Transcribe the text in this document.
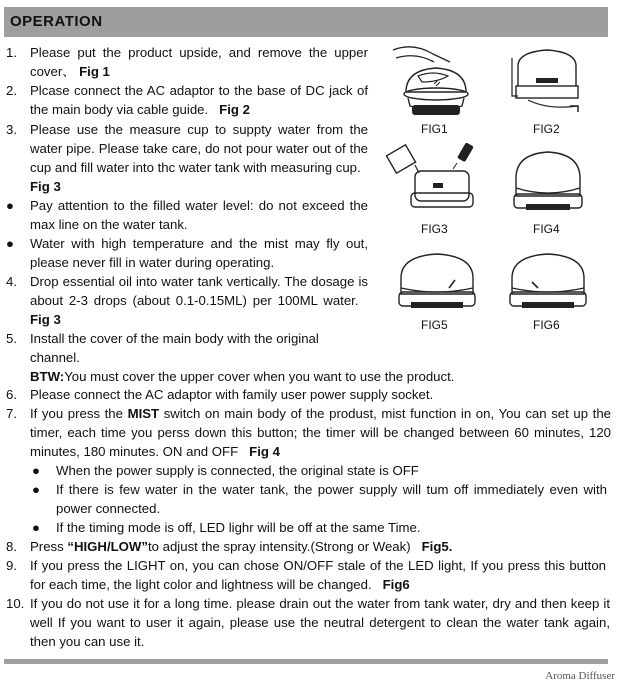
OPERATION
1. Please put the product upside, and remove the upper cover、 Fig 1
2. Plcase connect the AC adaptor to the base of DC jack of the main body via cable guide. Fig 2
3. Please use the measure cup to suppty water from the water pipe. Please take care, do not pour water out of the cup and fill water into thc water tank with measuring cup.   Fig 3
● Pay attention to the filled water level: do not exceed the max line on the water tank.
● Water with high temperature and the mist may fly out, please never fill in water during operating.
4. Drop essential oil into water tank vertically. The dosage is about 2-3 drops (about 0.1-0.15ML) per 100ML water.   Fig 3
5. Install the cover of the main body with the original channel.
BTW:You must cover the upper cover when you want to use the product.
6. Please connect the AC adaptor with family user power supply socket.
7. If you press the MIST switch on main body of the produst, mist function in on, You can set up the timer, each time you perss down this button; the timer will be changed between 60 minutes, 120 minutes, 180 minutes. ON and OFF Fig 4
● When the power supply is connected, the original state is OFF
● If there is few water in the water tank, the power supply will tum off immediately even with power connected.
● If the timing mode is off, LED lighr will be off at the same Time.
8. Press “HIGH/LOW”to adjust the spray intensity.(Strong or Weak) Fig5.
9. If you press the LIGHT on, you can chose ON/OFF stale of the LED light, If you press this button for each time, the light color and lightness will be changed. Fig6
10. If you do not use it for a long time. please drain out the water from tank water, dry and then keep it well If you want to user it again, please use the neutral detergent to clean the water tank again, then you can use it.
FIG1	FIG2
FIG3	FIG4
FIG5	FIG6
Aroma Diffuser
